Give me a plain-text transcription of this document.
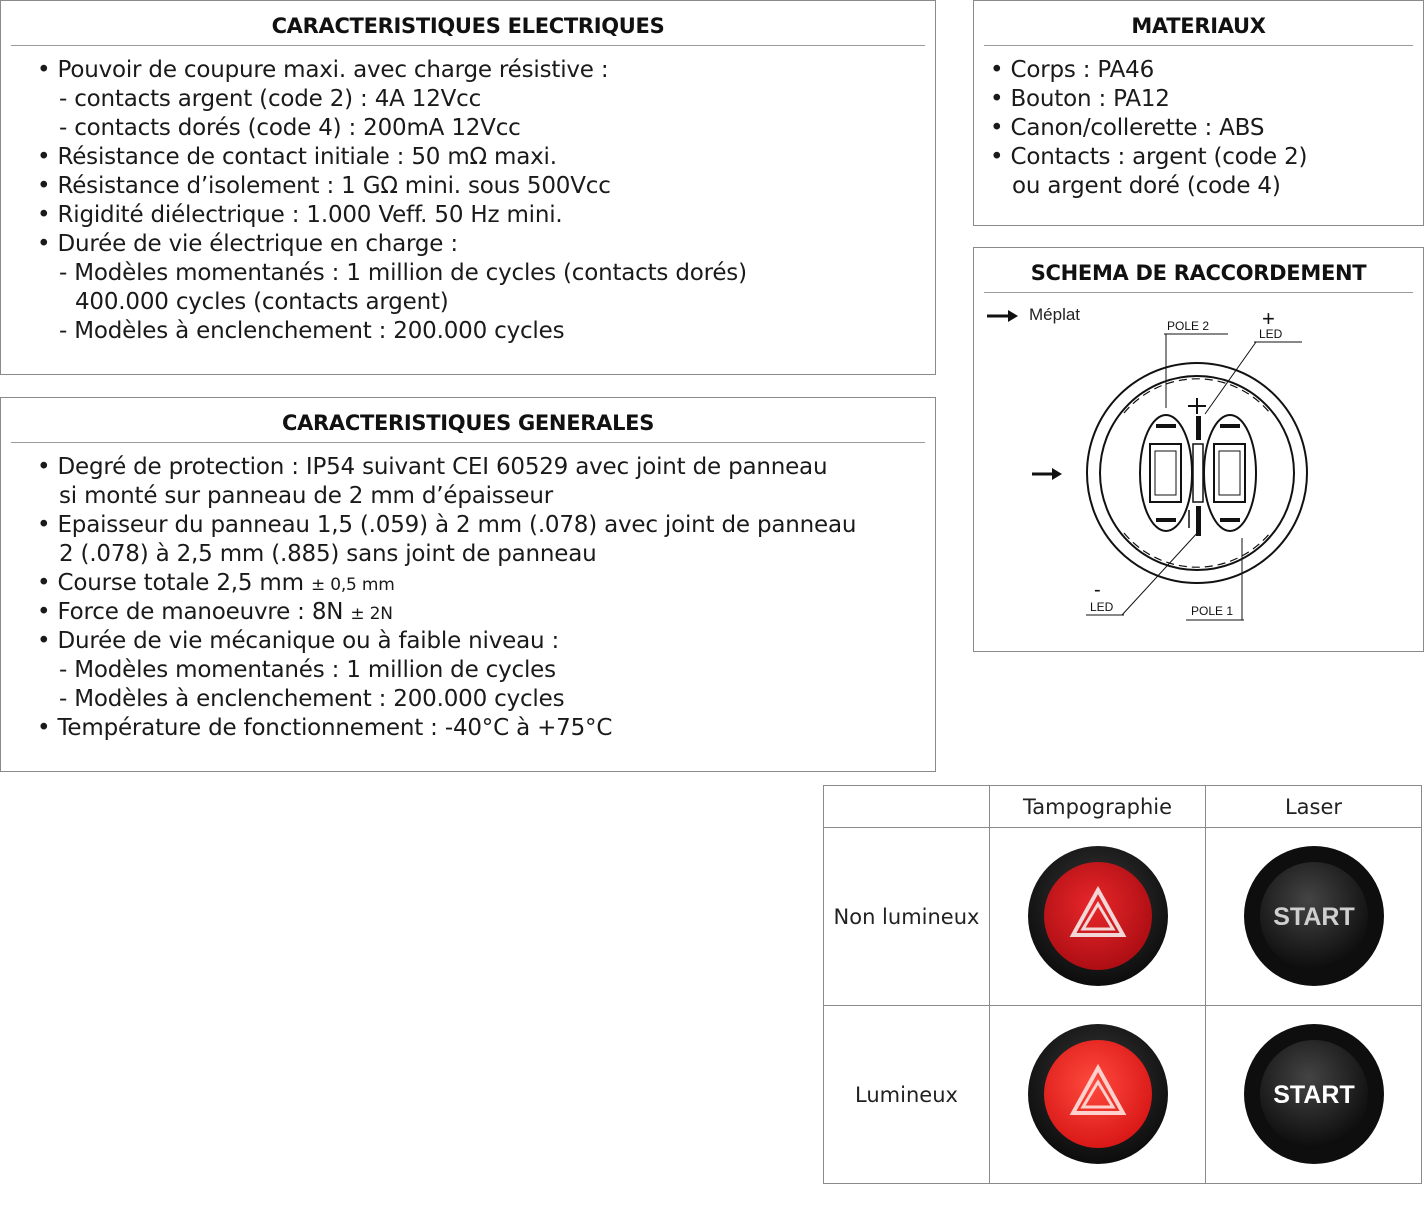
CARACTERISTIQUES ELECTRIQUES
• Pouvoir de coupure maxi. avec charge résistive :
- contacts argent (code 2) : 4A 12Vcc
- contacts dorés (code 4) : 200mA 12Vcc
• Résistance de contact initiale : 50 mΩ maxi.
• Résistance d’isolement : 1 GΩ mini. sous 500Vcc
• Rigidité diélectrique : 1.000 Veff. 50 Hz mini.
• Durée de vie électrique en charge :
- Modèles momentanés : 1 million de cycles (contacts dorés)
400.000 cycles (contacts argent)
- Modèles à enclenchement : 200.000 cycles
CARACTERISTIQUES GENERALES
• Degré de protection : IP54 suivant CEI 60529 avec joint de panneau
si monté sur panneau de 2 mm d’épaisseur
• Epaisseur du panneau 1,5 (.059) à 2 mm (.078) avec joint de panneau
2 (.078) à 2,5 mm (.885) sans joint de panneau
• Course totale 2,5 mm ± 0,5 mm
• Force de manoeuvre : 8N ± 2N
• Durée de vie mécanique ou à faible niveau :
- Modèles momentanés : 1 million de cycles
- Modèles à enclenchement : 200.000 cycles
• Température de fonctionnement : -40°C à +75°C
MATERIAUX
• Corps : PA46
• Bouton : PA12
• Canon/collerette : ABS
• Contacts : argent (code 2)
ou argent doré (code 4)
SCHEMA DE RACCORDEMENT
Méplat
POLE 2 +
LED
-
LED	POLE 1
	Tampographie	Laser
Non lumineux		START

Lumineux		START
